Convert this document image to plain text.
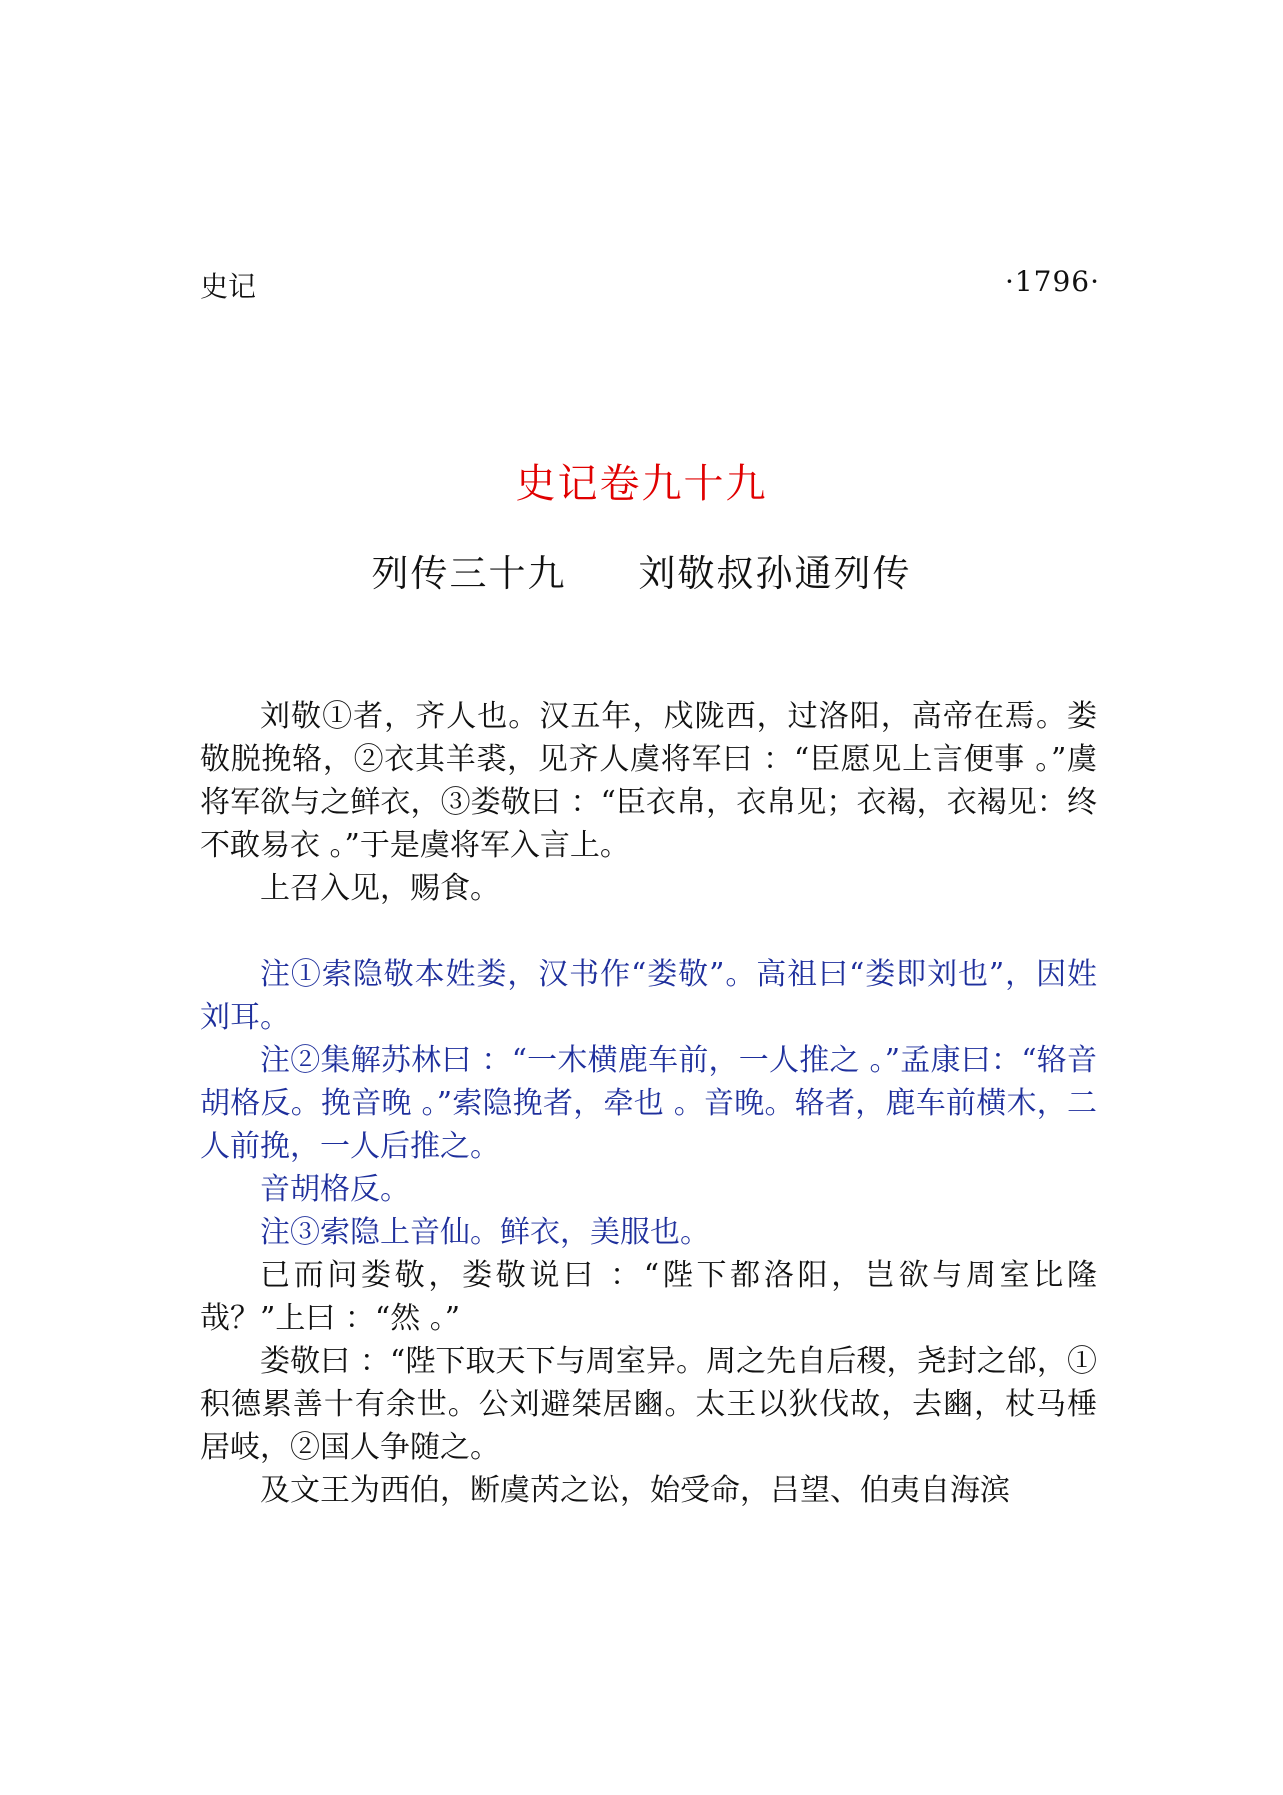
史记	·1796·
史记卷九十九
列传三十九 刘敬叔孙通列传

刘敬①者，齐人也。汉五年，戍陇西，过洛阳，高帝在焉。娄敬脱挽辂，②衣其羊裘，见齐人虞将军曰 ：“臣愿见上言便事 。”虞将军欲与之鲜衣，③娄敬曰 ：“臣衣帛，衣帛见；衣褐，衣褐见：终不敢易衣 。”于是虞将军入言上。

上召入见，赐食。

注①索隐敬本姓娄，汉书作“娄敬”。高祖曰“娄即刘也”，因姓刘耳。

注②集解苏林曰 ：“一木横鹿车前，一人推之 。”孟康曰：“辂音胡格反。挽音晚 。”索隐挽者，牵也 。音晚。辂者，鹿车前横木，二人前挽，一人后推之。

音胡格反。

注③索隐上音仙。鲜衣，美服也。

已而问娄敬，娄敬说曰 ：“陛下都洛阳，岂欲与周室比隆哉？”上曰 ：“然 。”

娄敬曰 ：“陛下取天下与周室异。周之先自后稷，尧封之邰，①积德累善十有余世。公刘避桀居豳。太王以狄伐故，去豳，杖马棰居岐，②国人争随之。

及文王为西伯，断虞芮之讼，始受命，吕望、伯夷自海滨
